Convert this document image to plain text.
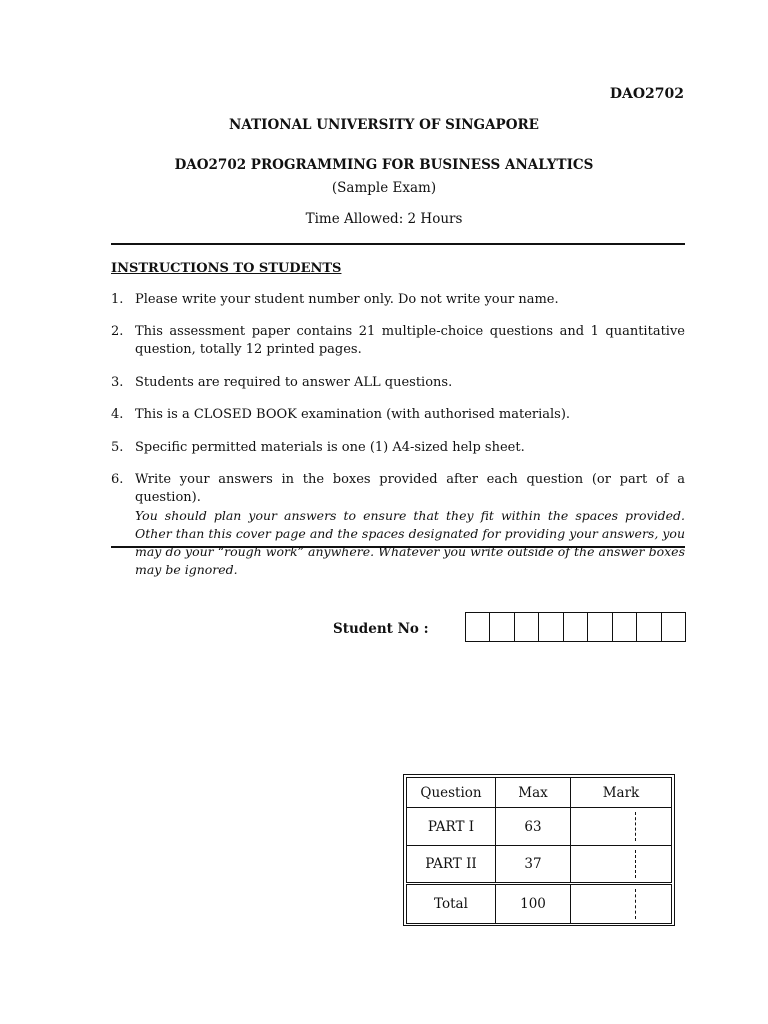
DAO2702
NATIONAL UNIVERSITY OF SINGAPORE
DAO2702 PROGRAMMING FOR BUSINESS ANALYTICS
(Sample Exam)
Time Allowed: 2 Hours
INSTRUCTIONS TO STUDENTS
1. Please write your student number only. Do not write your name.
2. This assessment paper contains 21 multiple-choice questions and 1 quantitative question, totally 12 printed pages.
3. Students are required to answer ALL questions.
4. This is a CLOSED BOOK examination (with authorised materials).
5. Specific permitted materials is one (1) A4-sized help sheet.
6. Write your answers in the boxes provided after each question (or part of a question).
You should plan your answers to ensure that they fit within the spaces provided. Other than this cover page and the spaces designated for providing your answers, you may do your “rough work” anywhere. Whatever you write outside of the answer boxes may be ignored.
Student No :
Question	Max	Mark
PART I	63	

PART II	37	

Total	100	
